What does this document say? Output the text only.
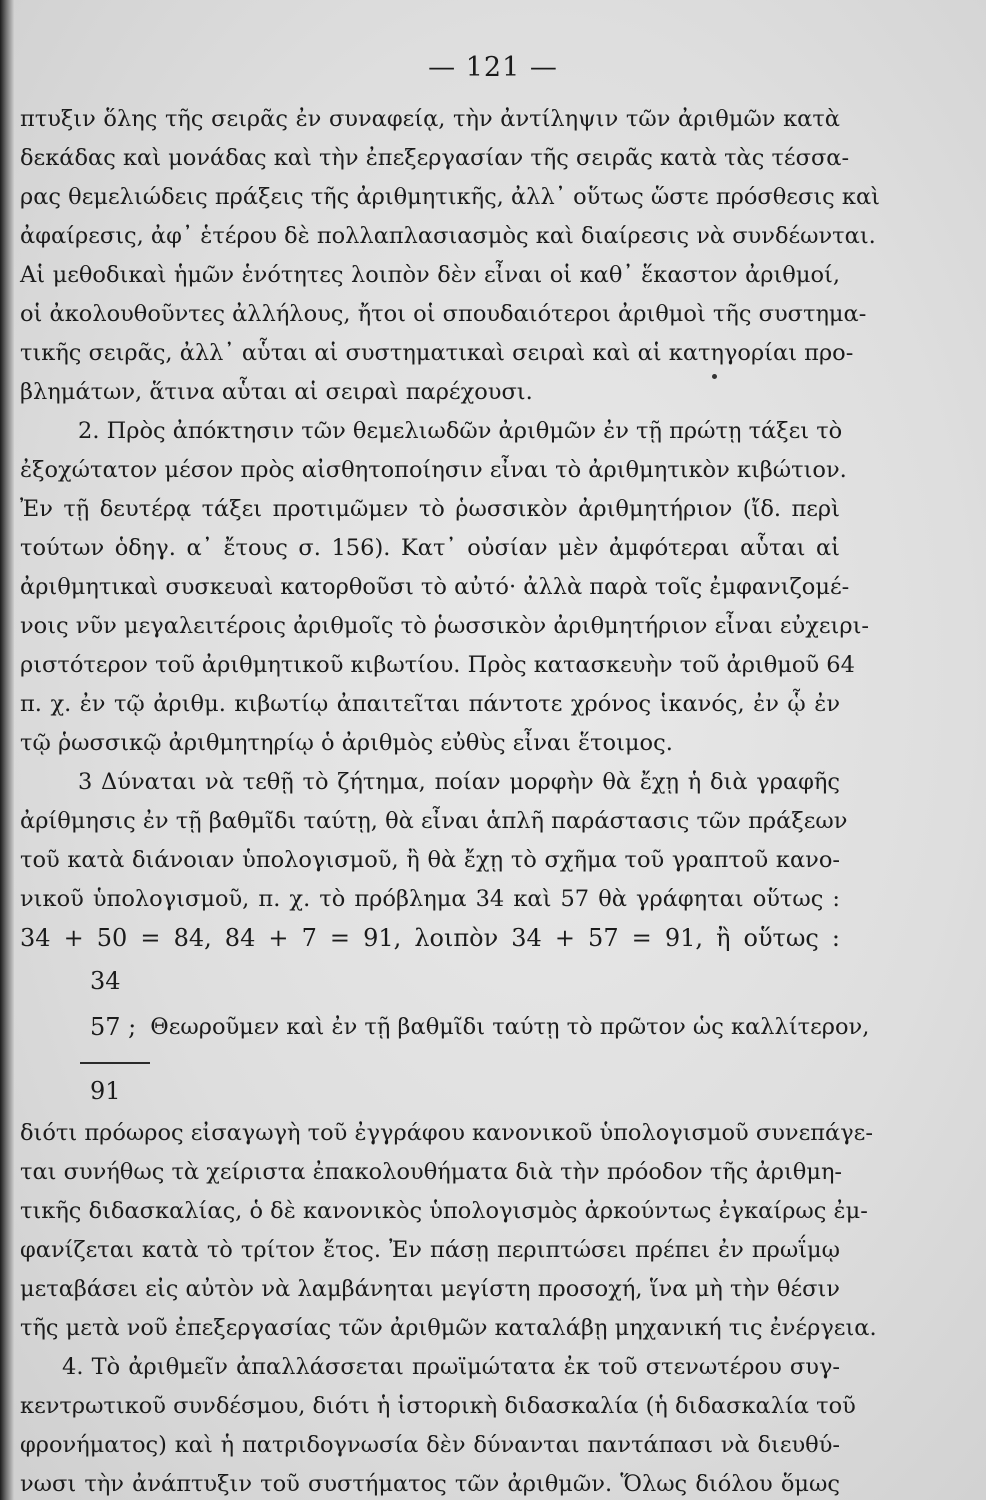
— 121 —
πτυξιν ὅλης τῆς σειρᾶς ἐν συναφείᾳ, τὴν ἀντίληψιν τῶν ἀριθμῶν κατὰ
δεκάδας καὶ μονάδας καὶ τὴν ἐπεξεργασίαν τῆς σειρᾶς κατὰ τὰς τέσσα-
ρας θεμελιώδεις πράξεις τῆς ἀριθμητικῆς, ἀλλ᾽ οὕτως ὥστε πρόσθεσις καὶ
ἀφαίρεσις, ἀφ᾽ ἑτέρου δὲ πολλαπλασιασμὸς καὶ διαίρεσις νὰ συνδέωνται.
Αἱ μεθοδικαὶ ἡμῶν ἑνότητες λοιπὸν δὲν εἶναι οἱ καθ᾽ ἕκαστον ἀριθμοί,
οἱ ἀκολουθοῦντες ἀλλήλους, ἤτοι οἱ σπουδαιότεροι ἀριθμοὶ τῆς συστημα-
τικῆς σειρᾶς, ἀλλ᾽ αὗται αἱ συστηματικαὶ σειραὶ καὶ αἱ κατηγορίαι προ-
βλημάτων, ἅτινα αὗται αἱ σειραὶ παρέχουσι.
2. Πρὸς ἀπόκτησιν τῶν θεμελιωδῶν ἀριθμῶν ἐν τῇ πρώτῃ τάξει τὸ
ἐξοχώτατον μέσον πρὸς αἰσθητοποίησιν εἶναι τὸ ἀριθμητικὸν κιβώτιον.
Ἐν τῇ δευτέρᾳ τάξει προτιμῶμεν τὸ ῥωσσικὸν ἀριθμητήριον (ἴδ. περὶ
τούτων ὁδηγ. α᾽ ἔτους σ. 156). Κατ᾽ οὐσίαν μὲν ἀμφότεραι αὗται αἱ
ἀριθμητικαὶ συσκευαὶ κατορθοῦσι τὸ αὐτό· ἀλλὰ παρὰ τοῖς ἐμφανιζομέ-
νοις νῦν μεγαλειτέροις ἀριθμοῖς τὸ ῥωσσικὸν ἀριθμητήριον εἶναι εὐχειρι-
ριστότερον τοῦ ἀριθμητικοῦ κιβωτίου. Πρὸς κατασκευὴν τοῦ ἀριθμοῦ 64
π. χ. ἐν τῷ ἀριθμ. κιβωτίῳ ἀπαιτεῖται πάντοτε χρόνος ἱκανός, ἐν ᾧ ἐν
τῷ ῥωσσικῷ ἀριθμητηρίῳ ὁ ἀριθμὸς εὐθὺς εἶναι ἕτοιμος.
3 Δύναται νὰ τεθῇ τὸ ζήτημα, ποίαν μορφὴν θὰ ἔχῃ ἡ διὰ γραφῆς
ἀρίθμησις ἐν τῇ βαθμῖδι ταύτῃ, θὰ εἶναι ἁπλῆ παράστασις τῶν πράξεων
τοῦ κατὰ διάνοιαν ὑπολογισμοῦ, ἢ θὰ ἔχῃ τὸ σχῆμα τοῦ γραπτοῦ κανο-
νικοῦ ὑπολογισμοῦ, π. χ. τὸ πρόβλημα 34 καὶ 57 θὰ γράφηται οὕτως :
34 + 50 = 84, 84 + 7 = 91, λοιπὸν 34 + 57 = 91, ἢ οὕτως :
34
57 ; Θεωροῦμεν καὶ ἐν τῇ βαθμῖδι ταύτῃ τὸ πρῶτον ὡς καλλίτερον,
91
διότι πρόωρος εἰσαγωγὴ τοῦ ἐγγράφου κανονικοῦ ὑπολογισμοῦ συνεπάγε-
ται συνήθως τὰ χείριστα ἐπακολουθήματα διὰ τὴν πρόοδον τῆς ἀριθμη-
τικῆς διδασκαλίας, ὁ δὲ κανονικὸς ὑπολογισμὸς ἀρκούντως ἐγκαίρως ἐμ-
φανίζεται κατὰ τὸ τρίτον ἔτος. Ἐν πάσῃ περιπτώσει πρέπει ἐν πρωΐμῳ
μεταβάσει εἰς αὐτὸν νὰ λαμβάνηται μεγίστη προσοχή, ἵνα μὴ τὴν θέσιν
τῆς μετὰ νοῦ ἐπεξεργασίας τῶν ἀριθμῶν καταλάβῃ μηχανική τις ἐνέργεια.
4. Τὸ ἀριθμεῖν ἀπαλλάσσεται πρωϊμώτατα ἐκ τοῦ στενωτέρου συγ-
κεντρωτικοῦ συνδέσμου, διότι ἡ ἱστορικὴ διδασκαλία (ἡ διδασκαλία τοῦ
φρονήματος) καὶ ἡ πατριδογνωσία δὲν δύνανται παντάπασι νὰ διευθύ-
νωσι τὴν ἀνάπτυξιν τοῦ συστήματος τῶν ἀριθμῶν. Ὅλως διόλου ὅμως
